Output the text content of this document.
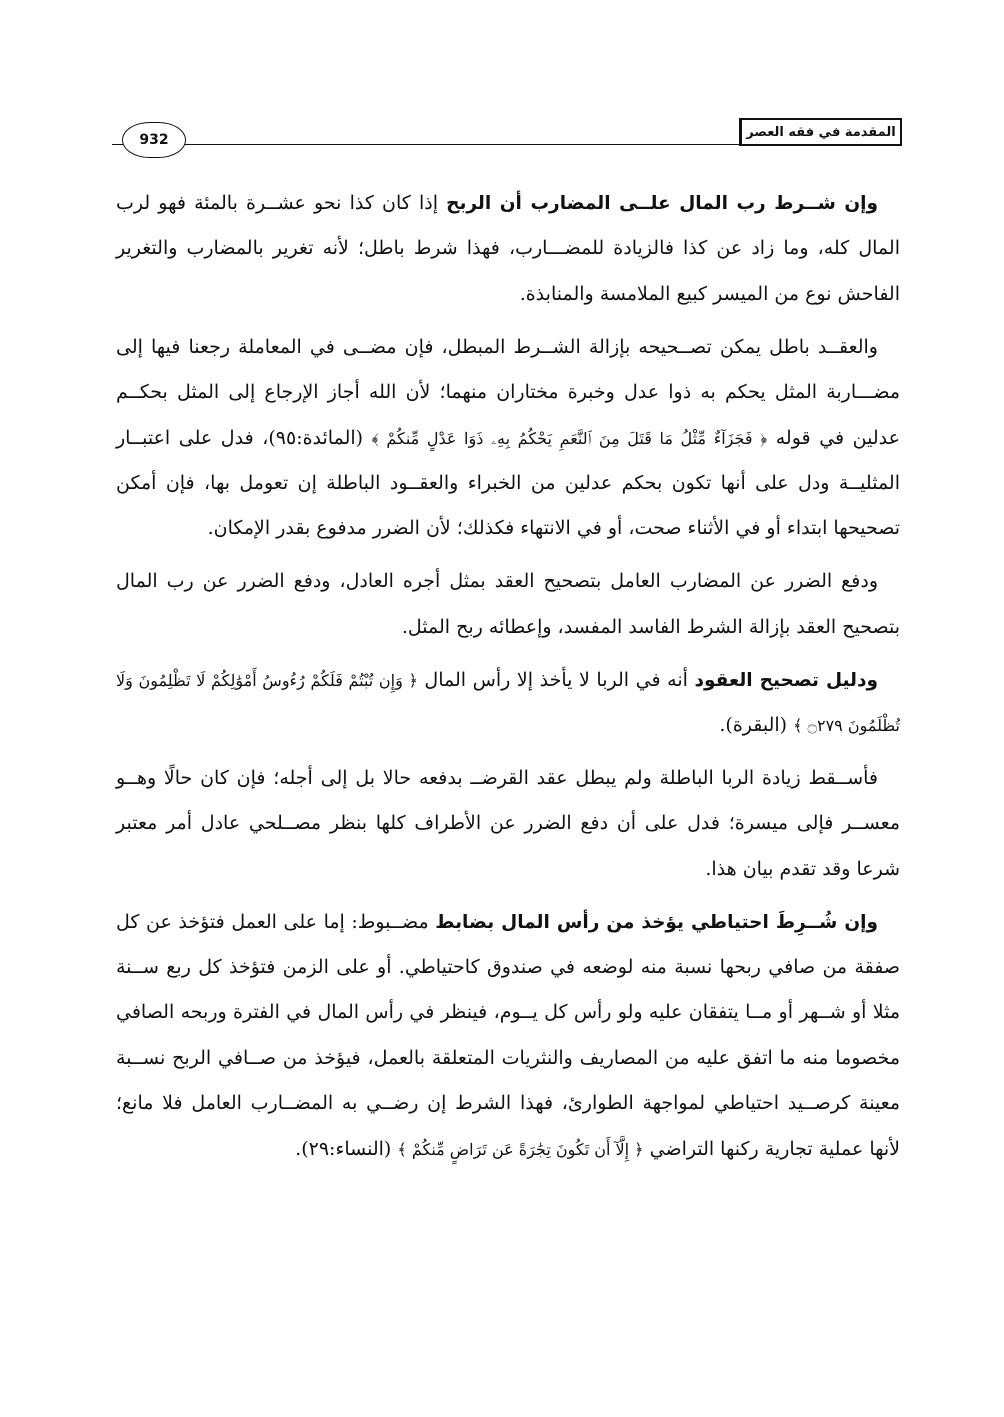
المقدمة في فقه العصر
932

وإن شــرط رب المال علــى المضارب أن الربح إذا كان كذا نحو عشــرة بالمئة فهو لرب المال كله، وما زاد عن كذا فالزيادة للمضـــارب، فهذا شرط باطل؛ لأنه تغرير بالمضارب والتغرير الفاحش نوع من الميسر كبيع الملامسة والمنابذة.

والعقــد باطل يمكن تصــحيحه بإزالة الشــرط المبطل، فإن مضــى في المعاملة رجعنا فيها إلى مضـــاربة المثل يحكم به ذوا عدل وخبرة مختاران منهما؛ لأن الله أجاز الإرجاع إلى المثل بحكــم عدلين في قوله ﴿ فَجَزَآءٌ مِّثْلُ مَا قَتَلَ مِنَ ٱلنَّعَمِ يَحْكُمُ بِهِۦ ذَوَا عَدْلٍ مِّنكُمْ ﴾ (المائدة:٩٥)، فدل على اعتبــار المثليــة ودل على أنها تكون بحكم عدلين من الخبراء والعقــود الباطلة إن تعومل بها، فإن أمكن تصحيحها ابتداء أو في الأثناء صحت، أو في الانتهاء فكذلك؛ لأن الضرر مدفوع بقدر الإمكان.

ودفع الضرر عن المضارب العامل بتصحيح العقد بمثل أجره العادل، ودفع الضرر عن رب المال بتصحيح العقد بإزالة الشرط الفاسد المفسد، وإعطائه ربح المثل.

ودليل تصحيح العقود أنه في الربا لا يأخذ إلا رأس المال ﴿ وَإِن تُبْتُمْ فَلَكُمْ رُءُوسُ أَمْوَٰلِكُمْ لَا تَظْلِمُونَ وَلَا تُظْلَمُونَ ۝٢٧٩ ﴾ (البقرة).

فأســقط زيادة الربا الباطلة ولم يبطل عقد القرضــ بدفعه حالا بل إلى أجله؛ فإن كان حالًا وهــو معســر فإلى ميسرة؛ فدل على أن دفع الضرر عن الأطراف كلها بنظر مصــلحي عادل أمر معتبر شرعا وقد تقدم بيان هذا.

وإن شُــرِطَ احتياطي يؤخذ من رأس المال بضابط مضــبوط: إما على العمل فتؤخذ عن كل صفقة من صافي ربحها نسبة منه لوضعه في صندوق كاحتياطي. أو على الزمن فتؤخذ كل ربع ســنة مثلا أو شــهر أو مــا يتفقان عليه ولو رأس كل يــوم، فينظر في رأس المال في الفترة وربحه الصافي مخصوما منه ما اتفق عليه من المصاريف والنثريات المتعلقة بالعمل، فيؤخذ من صــافي الربح نســبة معينة كرصــيد احتياطي لمواجهة الطوارئ، فهذا الشرط إن رضــي به المضــارب العامل فلا مانع؛ لأنها عملية تجارية ركنها التراضي ﴿ إِلَّآ أَن تَكُونَ تِجَٰرَةً عَن تَرَاضٍ مِّنكُمْ ﴾ (النساء:٢٩).
